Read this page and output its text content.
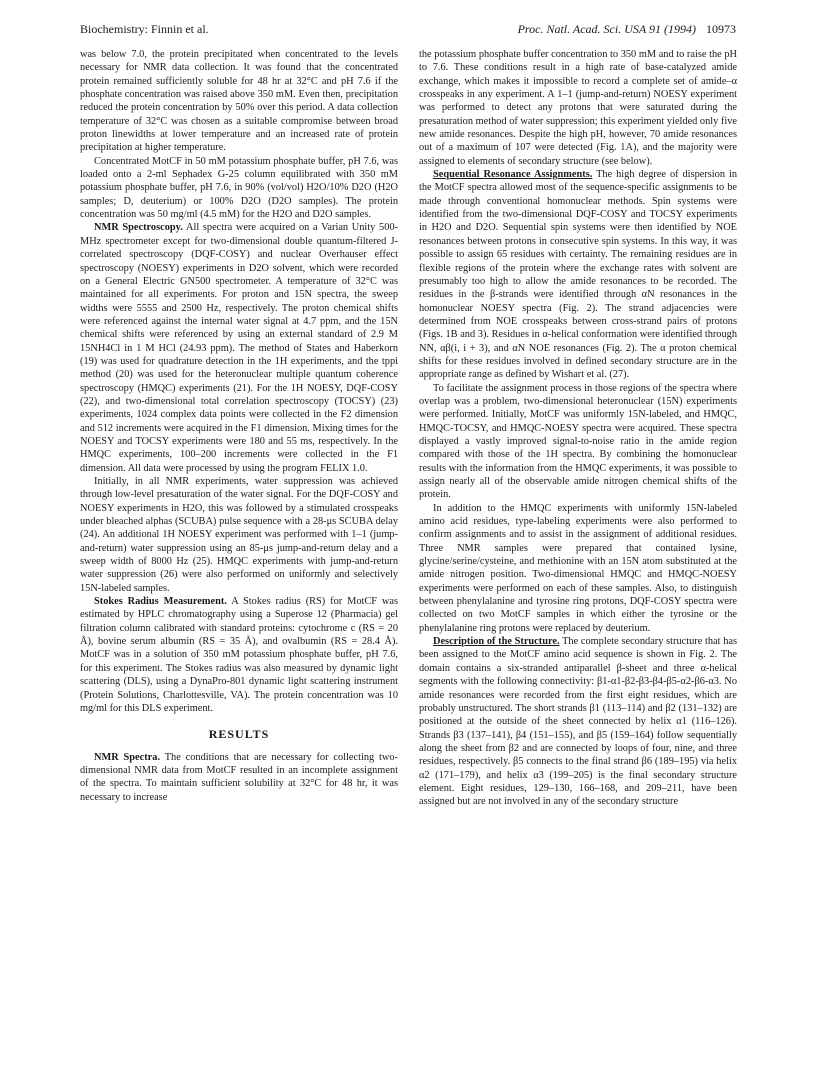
Biochemistry: Finnin et al.	Proc. Natl. Acad. Sci. USA 91 (1994) 10973

was below 7.0, the protein precipitated when concentrated to the levels necessary for NMR data collection. It was found that the concentrated protein remained sufficiently soluble for 48 hr at 32°C and pH 7.6 if the phosphate concentration was raised above 350 mM. Even then, precipitation reduced the protein concentration by 50% over this period. A data collection temperature of 32°C was chosen as a suitable compromise between broad proton linewidths at lower temperature and an increased rate of protein precipitation at higher temperature.

Concentrated MotCF in 50 mM potassium phosphate buffer, pH 7.6, was loaded onto a 2-ml Sephadex G-25 column equilibrated with 350 mM potassium phosphate buffer, pH 7.6, in 90% (vol/vol) H2O/10% D2O (H2O samples; D, deuterium) or 100% D2O (D2O samples). The protein concentration was 50 mg/ml (4.5 mM) for the H2O and D2O samples.

NMR Spectroscopy. All spectra were acquired on a Varian Unity 500-MHz spectrometer except for two-dimensional double quantum-filtered J-correlated spectroscopy (DQF-COSY) and nuclear Overhauser effect spectroscopy (NOESY) experiments in D2O solvent, which were recorded on a General Electric GN500 spectrometer. A temperature of 32°C was maintained for all experiments. For proton and 15N spectra, the sweep widths were 5555 and 2500 Hz, respectively. The proton chemical shifts were referenced against the internal water signal at 4.7 ppm, and the 15N chemical shifts were referenced by using an external standard of 2.9 M 15NH4Cl in 1 M HCl (24.93 ppm). The method of States and Haberkorn (19) was used for quadrature detection in the 1H experiments, and the tppi method (20) was used for the heteronuclear multiple quantum coherence spectroscopy (HMQC) experiments (21). For the 1H NOESY, DQF-COSY (22), and two-dimensional total correlation spectroscopy (TOCSY) (23) experiments, 1024 complex data points were collected in the F2 dimension and 512 increments were acquired in the F1 dimension. Mixing times for the NOESY and TOCSY experiments were 180 and 55 ms, respectively. In the HMQC experiments, 100–200 increments were collected in the F1 dimension. All data were processed by using the program FELIX 1.0.

Initially, in all NMR experiments, water suppression was achieved through low-level presaturation of the water signal. For the DQF-COSY and NOESY experiments in H2O, this was followed by a stimulated crosspeaks under bleached alphas (SCUBA) pulse sequence with a 28-μs SCUBA delay (24). An additional 1H NOESY experiment was performed with 1–1 (jump-and-return) water suppression using an 85-μs jump-and-return delay and a sweep width of 8000 Hz (25). HMQC experiments with jump-and-return water suppression (26) were also performed on uniformly and selectively 15N-labeled samples.

Stokes Radius Measurement. A Stokes radius (RS) for MotCF was estimated by HPLC chromatography using a Superose 12 (Pharmacia) gel filtration column calibrated with standard proteins: cytochrome c (RS = 20 Å), bovine serum albumin (RS = 35 Å), and ovalbumin (RS = 28.4 Å). MotCF was in a solution of 350 mM potassium phosphate buffer, pH 7.6, for this experiment. The Stokes radius was also measured by dynamic light scattering (DLS), using a DynaPro-801 dynamic light scattering instrument (Protein Solutions, Charlottesville, VA). The protein concentration was 10 mg/ml for this DLS experiment.

RESULTS

NMR Spectra. The conditions that are necessary for collecting two-dimensional NMR data from MotCF resulted in an incomplete assignment of the spectra. To maintain sufficient solubility at 32°C for 48 hr, it was necessary to increase

the potassium phosphate buffer concentration to 350 mM and to raise the pH to 7.6. These conditions result in a high rate of base-catalyzed amide exchange, which makes it impossible to record a complete set of amide–α crosspeaks in any experiment. A 1–1 (jump-and-return) NOESY experiment was performed to detect any protons that were saturated during the presaturation method of water suppression; this experiment yielded only five new amide resonances. Despite the high pH, however, 70 amide resonances out of a maximum of 107 were detected (Fig. 1A), and the majority were assigned to elements of secondary structure (see below).

Sequential Resonance Assignments. The high degree of dispersion in the MotCF spectra allowed most of the sequence-specific assignments to be made through conventional homonuclear methods. Spin systems were identified from the two-dimensional DQF-COSY and TOCSY experiments in H2O and D2O. Sequential spin systems were then identified by NOE resonances between protons in consecutive spin systems. In this way, it was possible to assign 65 residues with certainty. The remaining residues are in flexible regions of the protein where the exchange rates with solvent are presumably too high to allow the amide resonances to be recorded. The residues in the β-strands were identified through αN resonances in the homonuclear NOESY spectra (Fig. 2). The strand adjacencies were determined from NOE crosspeaks between cross-strand pairs of protons (Figs. 1B and 3). Residues in α-helical conformation were identified through NN, αβ(i, i + 3), and αN NOE resonances (Fig. 2). The α proton chemical shifts for these residues involved in defined secondary structure are in the appropriate range as defined by Wishart et al. (27).

To facilitate the assignment process in those regions of the spectra where overlap was a problem, two-dimensional heteronuclear (15N) experiments were performed. Initially, MotCF was uniformly 15N-labeled, and HMQC, HMQC-TOCSY, and HMQC-NOESY spectra were acquired. These spectra displayed a vastly improved signal-to-noise ratio in the amide region compared with those of the 1H spectra. By combining the homonuclear results with the information from the HMQC experiments, it was possible to assign nearly all of the observable amide nitrogen chemical shifts of the protein.

In addition to the HMQC experiments with uniformly 15N-labeled amino acid residues, type-labeling experiments were also performed to confirm assignments and to assist in the assignment of additional residues. Three NMR samples were prepared that contained lysine, glycine/serine/cysteine, and methionine with an 15N atom substituted at the amide nitrogen position. Two-dimensional HMQC and HMQC-NOESY experiments were performed on each of these samples. Also, to distinguish between phenylalanine and tyrosine ring protons, DQF-COSY spectra were collected on two MotCF samples in which either the tyrosine or the phenylalanine ring protons were replaced by deuterium.

Description of the Structure. The complete secondary structure that has been assigned to the MotCF amino acid sequence is shown in Fig. 2. The domain contains a six-stranded antiparallel β-sheet and three α-helical segments with the following connectivity: β1-α1-β2-β3-β4-β5-α2-β6-α3. No amide resonances were recorded from the first eight residues, which are probably unstructured. The short strands β1 (113–114) and β2 (131–132) are positioned at the outside of the sheet connected by helix α1 (116–126). Strands β3 (137–141), β4 (151–155), and β5 (159–164) follow sequentially along the sheet from β2 and are connected by loops of four, nine, and three residues, respectively. β5 connects to the final strand β6 (189–195) via helix α2 (171–179), and helix α3 (199–205) is the final secondary structure element. Eight residues, 129–130, 166–168, and 209–211, have been assigned but are not involved in any of the secondary structure
